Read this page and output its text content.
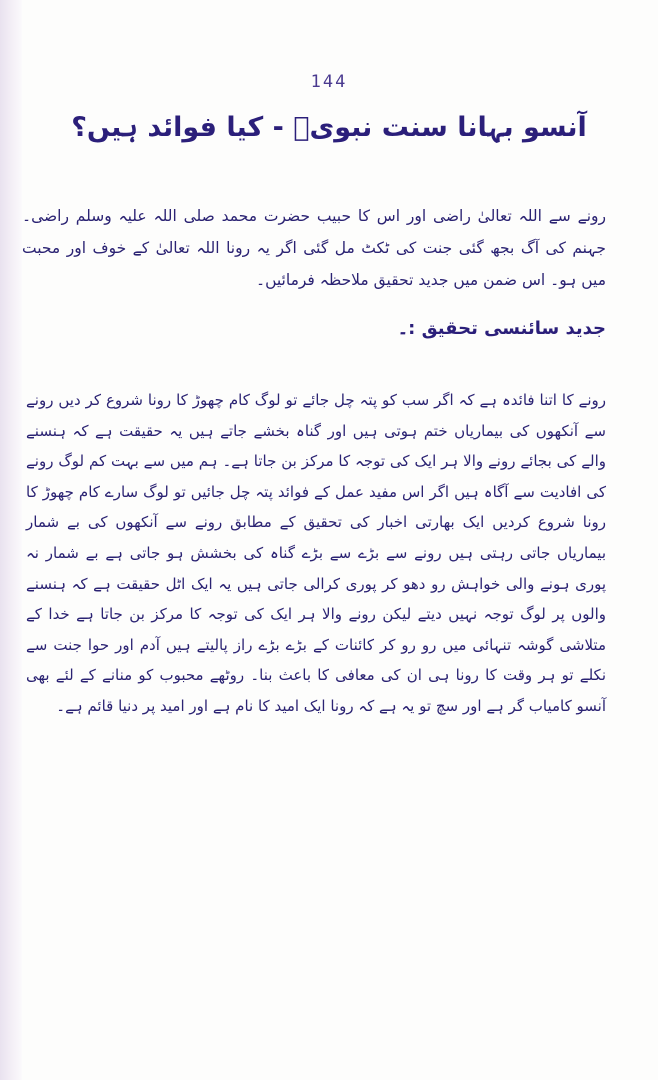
144
آنسو بہانا سنت نبویؐ - کیا فوائد ہیں؟
رونے سے اللہ تعالیٰ راضی اور اس کا حبیب حضرت محمد صلی اللہ علیہ وسلم راضی۔ جہنم کی آگ بجھ گئی جنت کی ٹکٹ مل گئی اگر یہ رونا اللہ تعالیٰ کے خوف اور محبت میں ہو۔ اس ضمن میں جدید تحقیق ملاحظہ فرمائیں۔
جدید سائنسی تحقیق :۔
رونے کا اتنا فائدہ ہے کہ اگر سب کو پتہ چل جائے تو لوگ کام چھوڑ کا رونا شروع کر دیں رونے سے آنکھوں کی بیماریاں ختم ہوتی ہیں اور گناہ بخشے جاتے ہیں یہ حقیقت ہے کہ ہنسنے والے کی بجائے رونے والا ہر ایک کی توجہ کا مرکز بن جاتا ہے۔ ہم میں سے بہت کم لوگ رونے کی افادیت سے آگاہ ہیں اگر اس مفید عمل کے فوائد پتہ چل جائیں تو لوگ سارے کام چھوڑ کا رونا شروع کردیں ایک بھارتی اخبار کی تحقیق کے مطابق رونے سے آنکھوں کی بے شمار بیماریاں جاتی رہتی ہیں رونے سے بڑے سے بڑے گناہ کی بخشش ہو جاتی ہے بے شمار نہ پوری ہونے والی خواہش رو دھو کر پوری کرالی جاتی ہیں یہ ایک اٹل حقیقت ہے کہ ہنسنے والوں پر لوگ توجہ نہیں دیتے لیکن رونے والا ہر ایک کی توجہ کا مرکز بن جاتا ہے خدا کے متلاشی گوشہ تنہائی میں رو رو کر کائنات کے بڑے بڑے راز پالیتے ہیں آدم اور حوا جنت سے نکلے تو ہر وقت کا رونا ہی ان کی معافی کا باعث بنا۔ روٹھے محبوب کو منانے کے لئے بھی آنسو کامیاب گر ہے اور سچ تو یہ ہے کہ رونا ایک امید کا نام ہے اور امید پر دنیا قائم ہے۔
